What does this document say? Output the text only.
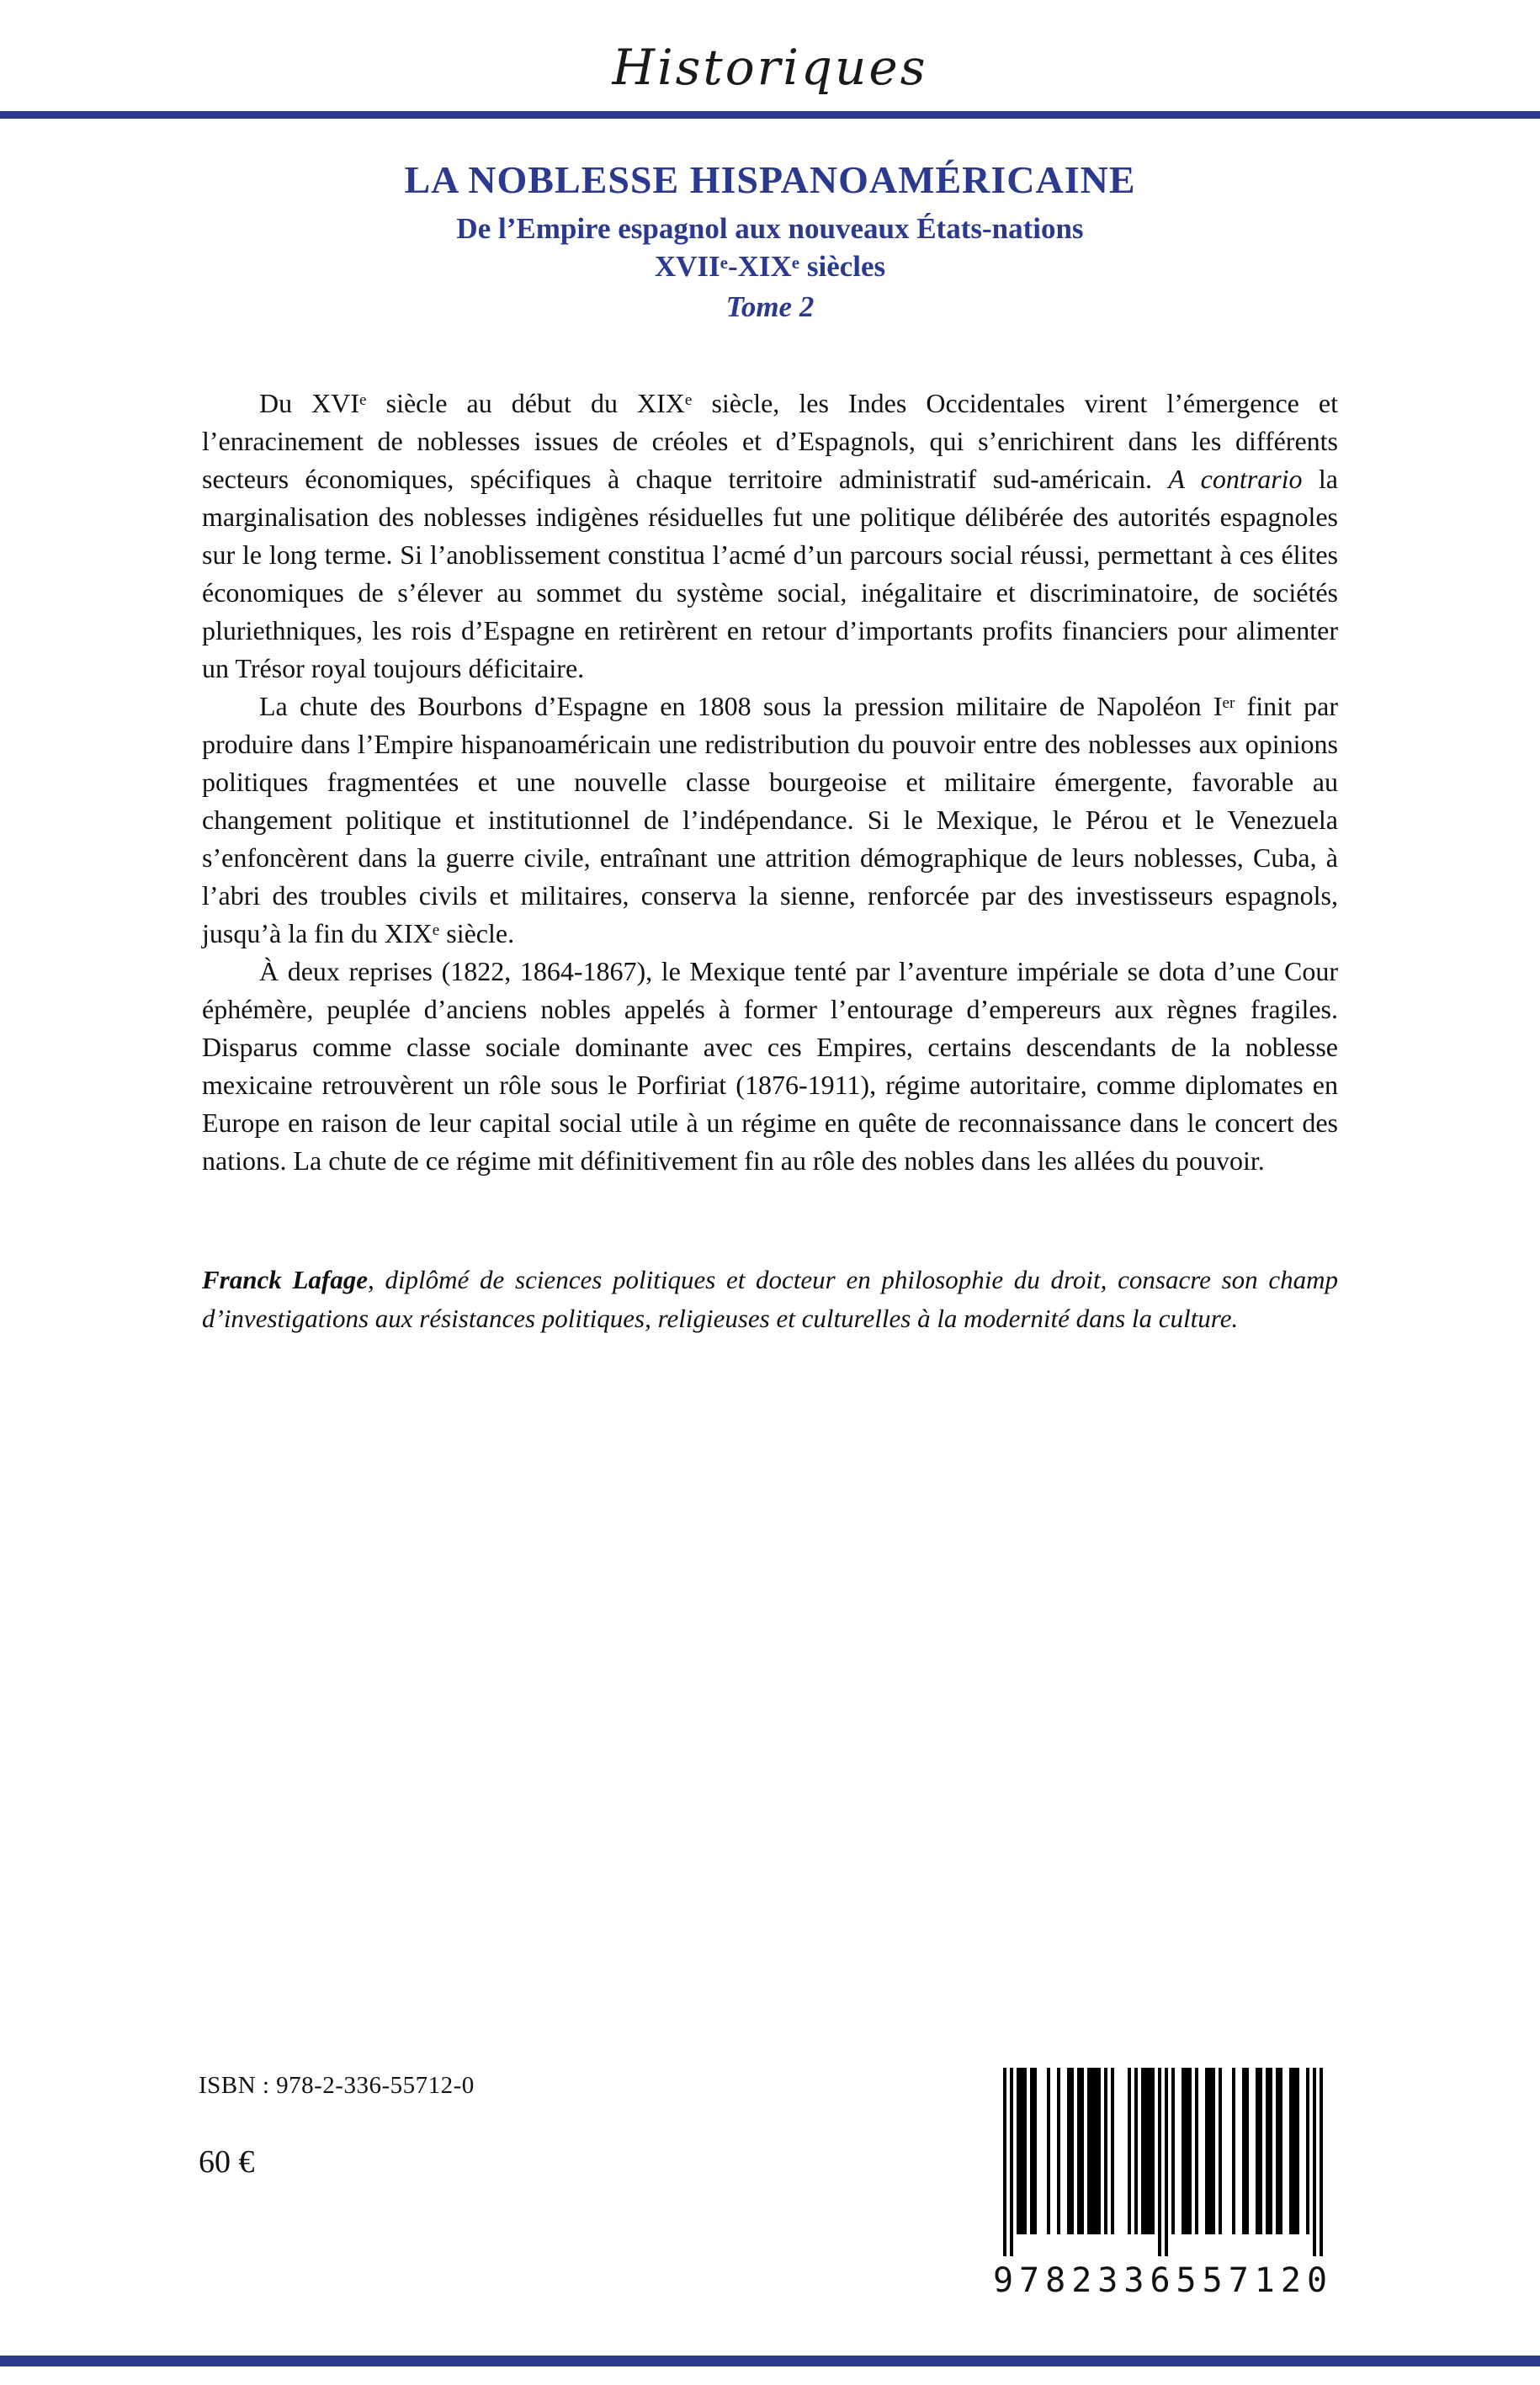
Historiques
LA NOBLESSE HISPANOAMÉRICAINE
De l’Empire espagnol aux nouveaux États-nations
XVIIe-XIXe siècles
Tome 2

Du XVIe siècle au début du XIXe siècle, les Indes Occidentales virent l’émergence et l’enracinement de noblesses issues de créoles et d’Espagnols, qui s’enrichirent dans les différents secteurs économiques, spécifiques à chaque territoire administratif sud-américain. A contrario la marginalisation des noblesses indigènes résiduelles fut une politique délibérée des autorités espagnoles sur le long terme. Si l’anoblissement constitua l’acmé d’un parcours social réussi, permettant à ces élites économiques de s’élever au sommet du système social, inégalitaire et discriminatoire, de sociétés pluriethniques, les rois d’Espagne en retirèrent en retour d’importants profits financiers pour alimenter un Trésor royal toujours déficitaire.

La chute des Bourbons d’Espagne en 1808 sous la pression militaire de Napoléon Ier finit par produire dans l’Empire hispanoaméricain une redistribution du pouvoir entre des noblesses aux opinions politiques fragmentées et une nouvelle classe bourgeoise et militaire émergente, favorable au changement politique et institutionnel de l’indépendance. Si le Mexique, le Pérou et le Venezuela s’enfoncèrent dans la guerre civile, entraînant une attrition démographique de leurs noblesses, Cuba, à l’abri des troubles civils et militaires, conserva la sienne, renforcée par des investisseurs espagnols, jusqu’à la fin du XIXe siècle.

À deux reprises (1822, 1864-1867), le Mexique tenté par l’aventure impériale se dota d’une Cour éphémère, peuplée d’anciens nobles appelés à former l’entourage d’empereurs aux règnes fragiles. Disparus comme classe sociale dominante avec ces Empires, certains descendants de la noblesse mexicaine retrouvèrent un rôle sous le Porfiriat (1876-1911), régime autoritaire, comme diplomates en Europe en raison de leur capital social utile à un régime en quête de reconnaissance dans le concert des nations. La chute de ce régime mit définitivement fin au rôle des nobles dans les allées du pouvoir.

Franck Lafage, diplômé de sciences politiques et docteur en philosophie du droit, consacre son champ d’investigations aux résistances politiques, religieuses et culturelles à la modernité dans la culture.
ISBN : 978-2-336-55712-0
60 €
9782336557120
